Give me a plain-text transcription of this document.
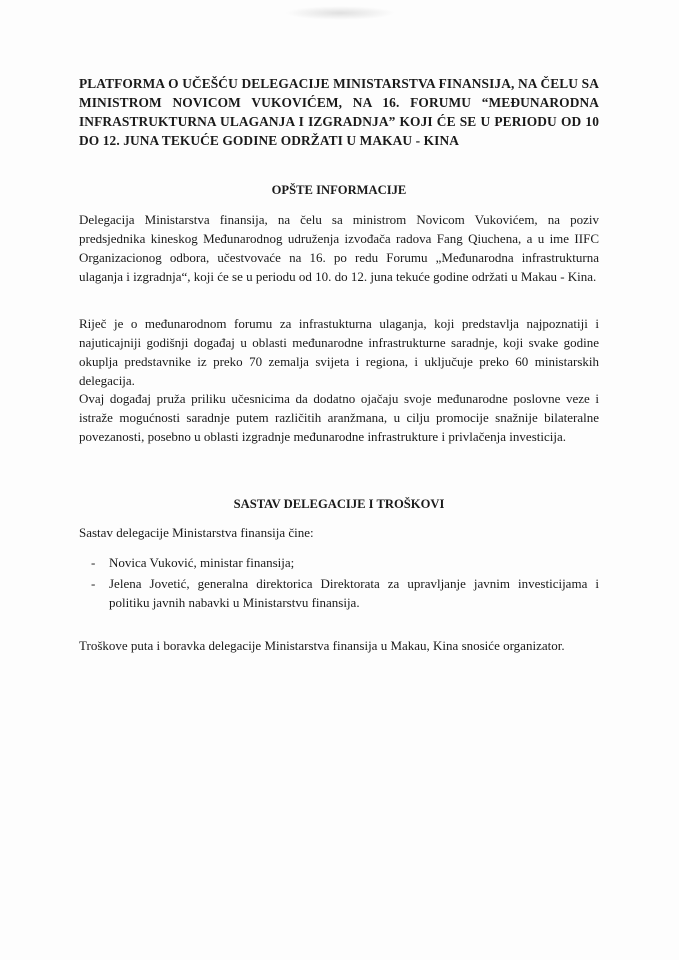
PLATFORMA O UČEŠĆU DELEGACIJE MINISTARSTVA FINANSIJA, NA ČELU SA MINISTROM NOVICOM VUKOVIĆEM, NA 16. FORUMU “MEĐUNARODNA INFRASTRUKTURNA ULAGANJA I IZGRADNJA” KOJI ĆE SE U PERIODU OD 10 DO 12. JUNA TEKUĆE GODINE ODRŽATI U MAKAU - KINA
OPŠTE INFORMACIJE
Delegacija Ministarstva finansija, na čelu sa ministrom Novicom Vukovićem, na poziv predsjednika kineskog Međunarodnog udruženja izvođača radova Fang Qiuchena, a u ime IIFC Organizacionog odbora, učestvovaće na 16. po redu Forumu „Međunarodna infrastrukturna ulaganja i izgradnja“, koji će se u periodu od 10. do 12. juna tekuće godine održati u Makau - Kina.
Riječ je o međunarodnom forumu za infrastukturna ulaganja, koji predstavlja najpoznatiji i najuticajniji godišnji događaj u oblasti međunarodne infrastrukturne saradnje, koji svake godine okuplja predstavnike iz preko 70 zemalja svijeta i regiona, i uključuje preko 60 ministarskih delegacija.
Ovaj događaj pruža priliku učesnicima da dodatno ojačaju svoje međunarodne poslovne veze i istraže mogućnosti saradnje putem različitih aranžmana, u cilju promocije snažnije bilateralne povezanosti, posebno u oblasti izgradnje međunarodne infrastrukture i privlačenja investicija.
SASTAV DELEGACIJE I TROŠKOVI
Sastav delegacije Ministarstva finansija čine:
- Novica Vuković, ministar finansija;
- Jelena Jovetić, generalna direktorica Direktorata za upravljanje javnim investicijama i politiku javnih nabavki u Ministarstvu finansija.
Troškove puta i boravka delegacije Ministarstva finansija u Makau, Kina snosiće organizator.
